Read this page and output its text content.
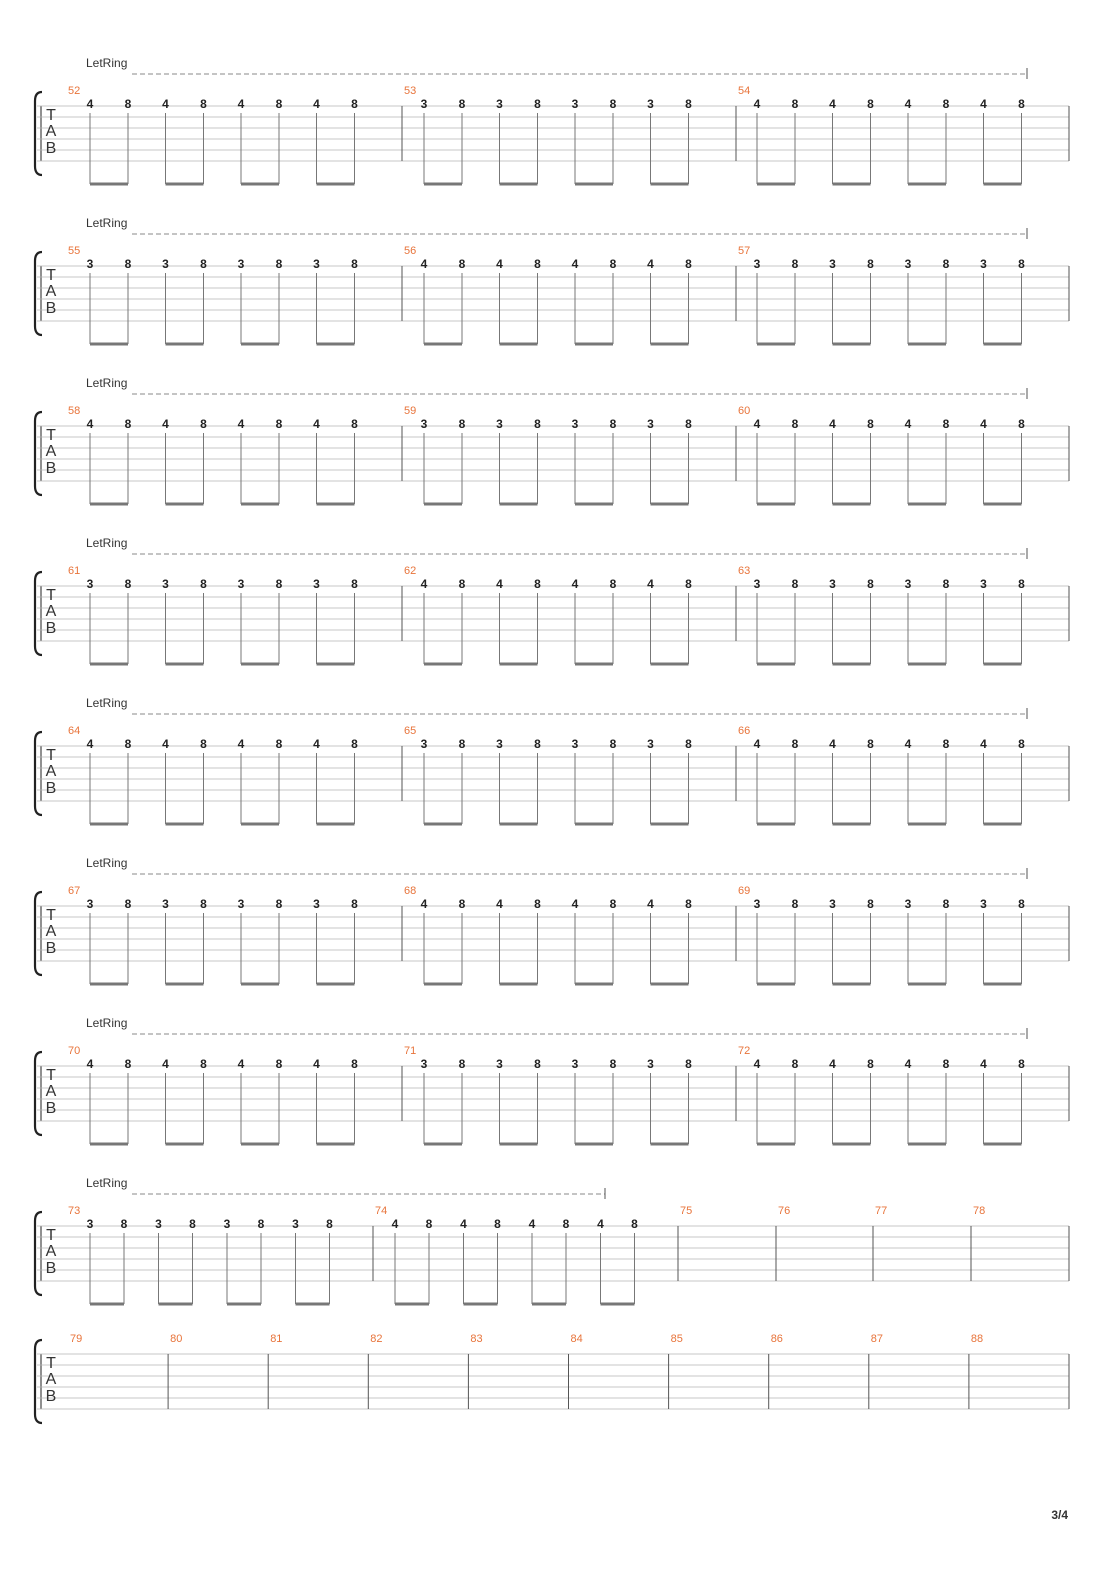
LetRing
T
A
B
52
4	8	4	8	4	8	4	8
53
3	8	3	8	3	8	3	8
54
4	8	4	8	4	8	4	8
LetRing
T
A
B
55
3	8	3	8	3	8	3	8
56
4	8	4	8	4	8	4	8
57
3	8	3	8	3	8	3	8
LetRing
T
A
B
58
4	8	4	8	4	8	4	8
59
3	8	3	8	3	8	3	8
60
4	8	4	8	4	8	4	8
LetRing
T
A
B
61
3	8	3	8	3	8	3	8
62
4	8	4	8	4	8	4	8
63
3	8	3	8	3	8	3	8
LetRing
T
A
B
64
4	8	4	8	4	8	4	8
65
3	8	3	8	3	8	3	8
66
4	8	4	8	4	8	4	8
LetRing
T
A
B
67
3	8	3	8	3	8	3	8
68
4	8	4	8	4	8	4	8
69
3	8	3	8	3	8	3	8
LetRing
T
A
B
70
4	8	4	8	4	8	4	8
71
3	8	3	8	3	8	3	8
72
4	8	4	8	4	8	4	8
LetRing
T
A
B
73
3 8 3 8 3 8 3 8
74
4 8 4 8 4 8 4 8
75	76	77	78
T
A
B
79	80	81	82	83	84	85	86	87	88
3/4
